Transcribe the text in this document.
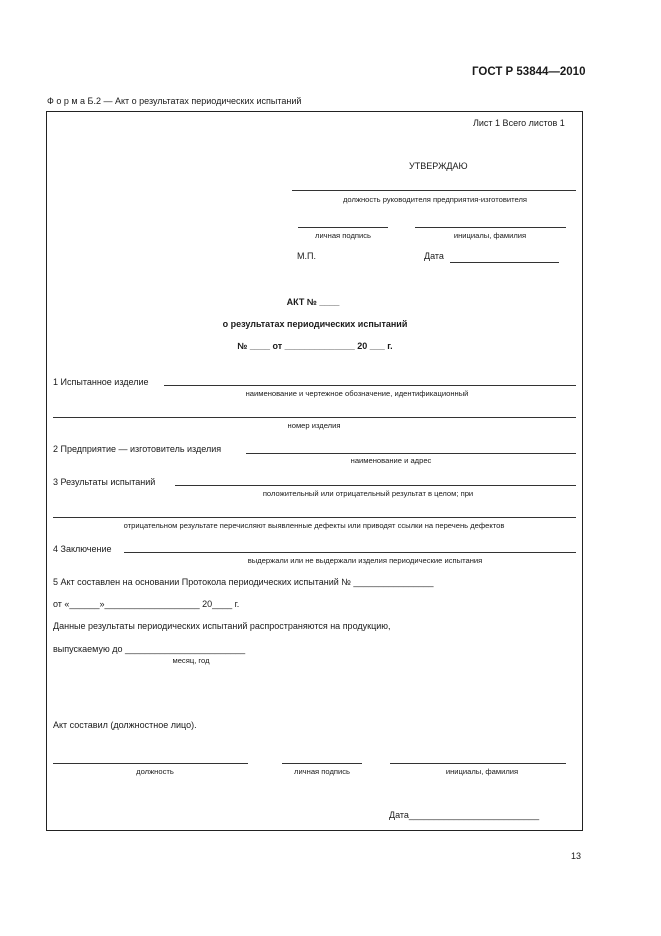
ГОСТ Р 53844—2010
Ф о р м а Б.2 — Акт о результатах периодических испытаний
Лист 1 Всего листов 1
УТВЕРЖДАЮ
должность руководителя предприятия-изготовителя
личная подпись	инициалы, фамилия
М.П.	Дата
АКТ № ____
о результатах периодических испытаний
№ ____ от ______________ 20 ___ г.
1 Испытанное изделие
наименование и чертежное обозначение, идентификационный
номер изделия
2 Предприятие — изготовитель изделия
наименование и адрес
3 Результаты испытаний
положительный или отрицательный результат в целом; при
отрицательном результате перечисляют выявленные дефекты или приводят ссылки на перечень дефектов
4 Заключение
выдержали или не выдержали изделия периодические испытания
5 Акт составлен на основании Протокола периодических испытаний № ________________
от «______»___________________ 20____ г.
Данные результаты периодических испытаний распространяются на продукцию,
выпускаемую до ________________________
месяц, год
Акт составил (должностное лицо).
должность	личная подпись	инициалы, фамилия
Дата__________________________
13
